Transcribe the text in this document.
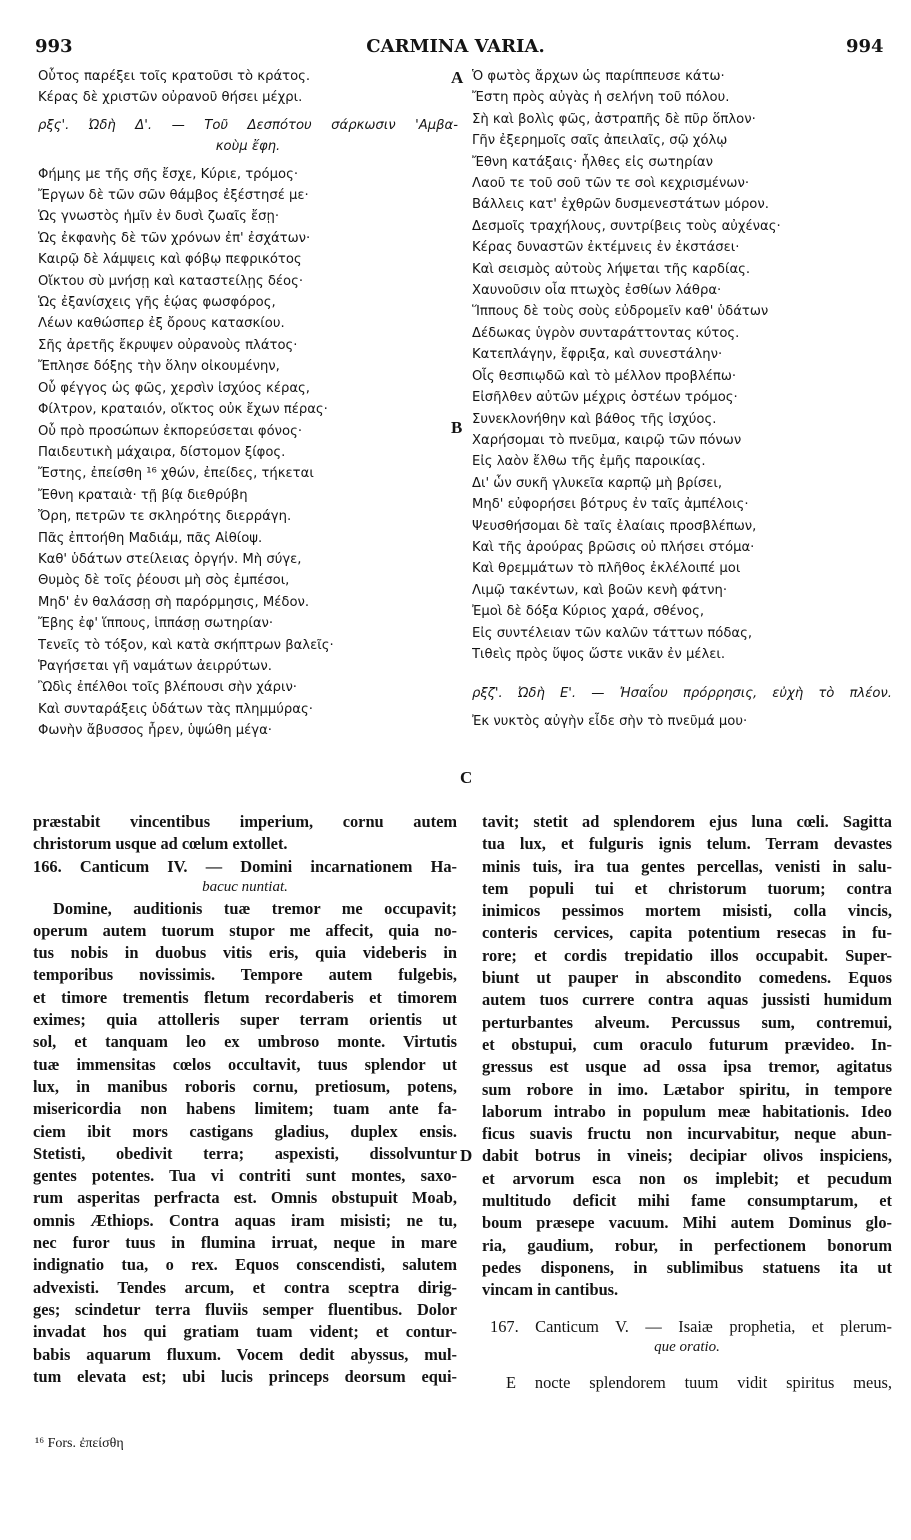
993	CARMINA VARIA.	994
A
B
C
D
Οὗτος παρέξει τοῖς κρατοῦσι τὸ κράτος.
Κέρας δὲ χριστῶν οὐρανοῦ θήσει μέχρι.
ρξς'. Ὠδὴ Δ'. — Τοῦ Δεσπότου σάρκωσιν 'Αμβα-
κοὺμ ἔφη.
Φήμης με τῆς σῆς ἔσχε, Κύριε, τρόμος·
Ἔργων δὲ τῶν σῶν θάμβος ἐξέστησέ με·
Ὡς γνωστὸς ἡμῖν ἐν δυσὶ ζωαῖς ἔσῃ·
Ὡς ἐκφανὴς δὲ τῶν χρόνων ἐπ' ἐσχάτων·
Καιρῷ δὲ λάμψεις καὶ φόβῳ πεφρικότος
Οἴκτου σὺ μνήσῃ καὶ καταστείλῃς δέος·
Ὡς ἐξανίσχεις γῆς ἑῴας φωσφόρος,
Λέων καθώσπερ ἐξ ὄρους κατασκίου.
Σῆς ἀρετῆς ἔκρυψεν οὐρανοὺς πλάτος·
Ἔπλησε δόξης τὴν ὅλην οἰκουμένην,
Οὗ φέγγος ὡς φῶς, χερσὶν ἰσχύος κέρας,
Φίλτρον, κραταιόν, οἴκτος οὐκ ἔχων πέρας·
Οὗ πρὸ προσώπων ἐκπορεύσεται φόνος·
Παιδευτικὴ μάχαιρα, δίστομον ξίφος.
Ἔστης, ἐπείσθη ¹⁶ χθών, ἐπείδες, τήκεται
Ἔθνη κραταιὰ· τῇ βίᾳ διεθρύβη
Ὄρη, πετρῶν τε σκληρότης διερράγη.
Πᾶς ἐπτοήθη Μαδιάμ, πᾶς Αἰθίοψ.
Καθ' ὑδάτων στείλειας ὀργήν. Μὴ σύγε,
Θυμὸς δὲ τοῖς ῥέουσι μὴ σὸς ἐμπέσοι,
Μηδ' ἐν θαλάσσῃ σὴ παρόρμησις, Μέδον.
Ἔβης ἐφ' ἵππους, ἱππάσῃ σωτηρίαν·
Τενεῖς τὸ τόξον, καὶ κατὰ σκήπτρων βαλεῖς·
Ῥαγήσεται γῆ ναμάτων ἀειρρύτων.
Ὢδὶς ἐπέλθοι τοῖς βλέπουσι σὴν χάριν·
Καὶ συνταράξεις ὑδάτων τὰς πλημμύρας·
Φωνὴν ἄβυσσος ἦρεν, ὑψώθη μέγα·
Ὁ φωτὸς ἄρχων ὡς παρίππευσε κάτω·
Ἔστη πρὸς αὐγὰς ἡ σελήνη τοῦ πόλου.
Σὴ καὶ βολὶς φῶς, ἀστραπῆς δὲ πῦρ ὅπλον·
Γῆν ἐξερημοῖς σαῖς ἀπειλαῖς, σῷ χόλῳ
Ἔθνη κατάξαις· ἦλθες εἰς σωτηρίαν
Λαοῦ τε τοῦ σοῦ τῶν τε σοὶ κεχρισμένων·
Βάλλεις κατ' ἐχθρῶν δυσμενεστάτων μόρον.
Δεσμοῖς τραχήλους, συντρίβεις τοὺς αὐχένας·
Κέρας δυναστῶν ἐκτέμνεις ἐν ἐκστάσει·
Καὶ σεισμὸς αὐτοὺς λήψεται τῆς καρδίας.
Χαυνοῦσιν οἷα πτωχὸς ἐσθίων λάθρα·
Ἵππους δὲ τοὺς σοὺς εὐδρομεῖν καθ' ὑδάτων
Δέδωκας ὑγρὸν συνταράττοντας κύτος.
Κατεπλάγην, ἔφριξα, καὶ συνεστάλην·
Οἷς θεσπιῳδῶ καὶ τὸ μέλλον προβλέπω·
Εἰσῆλθεν αὐτῶν μέχρις ὀστέων τρόμος·
Συνεκλονήθην καὶ βάθος τῆς ἰσχύος.
Χαρήσομαι τὸ πνεῦμα, καιρῷ τῶν πόνων
Εἰς λαὸν ἔλθω τῆς ἐμῆς παροικίας.
Δι' ὧν συκῆ γλυκεῖα καρπῷ μὴ βρίσει,
Μηδ' εὐφορήσει βότρυς ἐν ταῖς ἀμπέλοις·
Ψευσθήσομαι δὲ ταῖς ἐλαίαις προσβλέπων,
Καὶ τῆς ἀρούρας βρῶσις οὐ πλήσει στόμα·
Καὶ θρεμμάτων τὸ πλῆθος ἐκλέλοιπέ μοι
Λιμῷ τακέντων, καὶ βοῶν κενὴ φάτνη·
Ἐμοὶ δὲ δόξα Κύριος χαρά, σθένος,
Εἰς συντέλειαν τῶν καλῶν τάττων πόδας,
Τιθεὶς πρὸς ὕψος ὥστε νικᾶν ἐν μέλει.
ρξζ'. Ὠδὴ Ε'. — Ἠσαΐου πρόρρησις, εὐχὴ τὸ πλέον.
Ἐκ νυκτὸς αὐγὴν εἶδε σὴν τὸ πνεῦμά μου·
præstabit vincentibus imperium, cornu autem
christorum usque ad cœlum extollet.
166. Canticum IV. — Domini incarnationem Ha-
bacuc nuntiat.
Domine, auditionis tuæ tremor me occupavit;
operum autem tuorum stupor me affecit, quia no-
tus nobis in duobus vitis eris, quia videberis in
temporibus novissimis. Tempore autem fulgebis,
et timore trementis fletum recordaberis et timorem
eximes; quia attolleris super terram orientis ut
sol, et tanquam leo ex umbroso monte. Virtutis
tuæ immensitas cœlos occultavit, tuus splendor ut
lux, in manibus roboris cornu, pretiosum, potens,
misericordia non habens limitem; tuam ante fa-
ciem ibit mors castigans gladius, duplex ensis.
Stetisti, obedivit terra; aspexisti, dissolvuntur
gentes potentes. Tua vi contriti sunt montes, saxo-
rum asperitas perfracta est. Omnis obstupuit Moab,
omnis Æthiops. Contra aquas iram misisti; ne tu,
nec furor tuus in flumina irruat, neque in mare
indignatio tua, o rex. Equos conscendisti, salutem
advexisti. Tendes arcum, et contra sceptra dirig-
ges; scindetur terra fluviis semper fluentibus. Dolor
invadat hos qui gratiam tuam vident; et contur-
babis aquarum fluxum. Vocem dedit abyssus, mul-
tum elevata est; ubi lucis princeps deorsum equi-
tavit; stetit ad splendorem ejus luna cœli. Sagitta
tua lux, et fulguris ignis telum. Terram devastes
minis tuis, ira tua gentes percellas, venisti in salu-
tem populi tui et christorum tuorum; contra
inimicos pessimos mortem misisti, colla vincis,
conteris cervices, capita potentium resecas in fu-
rore; et cordis trepidatio illos occupabit. Super-
biunt ut pauper in abscondito comedens. Equos
autem tuos currere contra aquas jussisti humidum
perturbantes alveum. Percussus sum, contremui,
et obstupui, cum oraculo futurum prævideo. In-
gressus est usque ad ossa ipsa tremor, agitatus
sum robore in imo. Lætabor spiritu, in tempore
laborum intrabo in populum meæ habitationis. Ideo
ficus suavis fructu non incurvabitur, neque abun-
dabit botrus in vineis; decipiar olivos inspiciens,
et arvorum esca non os implebit; et pecudum
multitudo deficit mihi fame consumptarum, et
boum præsepe vacuum. Mihi autem Dominus glo-
ria, gaudium, robur, in perfectionem bonorum
pedes disponens, in sublimibus statuens ita ut
vincam in cantibus.
167. Canticum V. — Isaiæ prophetia, et plerum-
que oratio.
E nocte splendorem tuum vidit spiritus meus,
¹⁶ Fors. ἐπείσθη
